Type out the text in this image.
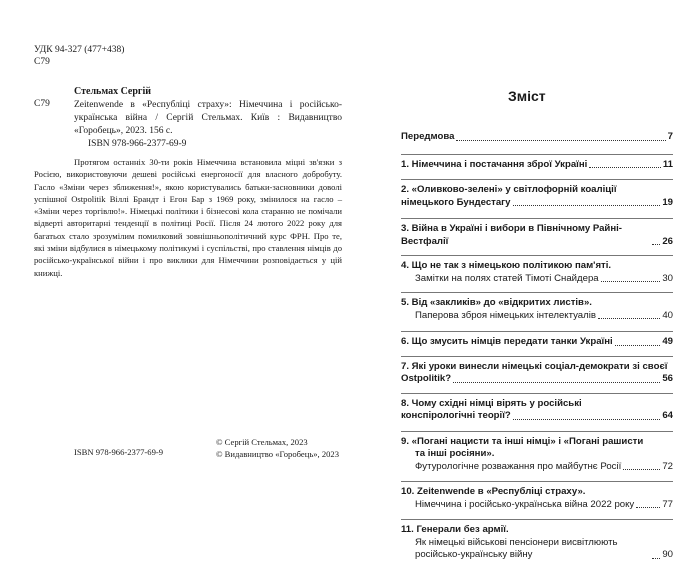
УДК 94-327 (477+438)
С79
Стельмах Сергій
С79	Zeitenwende в «Республіці страху»: Німеччина і російсько-українська війна / Сергій Стельмах. Київ : Видавництво «Горобець», 2023. 156 с.
ISBN 978-966-2377-69-9
Протягом останніх 30-ти років Німеччина встановила міцні зв'язки з Росією, використовуючи дешеві російські енергоносії для власного добробуту. Гасло «Зміни через зближення!», якою користувались батьки-засновники доволі успішної Ostpolitik Віллі Брандт і Егон Бар з 1969 року, змінилося на гасло – «Зміни через торгівлю!». Німецькі політики і бізнесові кола старанно не помічали відверті авторитарні тенденції в політиці Росії. Після 24 лютого 2022 року для багатьох стало зрозумілим помилковий зовнішньополітичний курс ФРН. Про те, які зміни відбулися в німецькому політикумі і суспільстві, про ставлення німців до російсько-української війни і про виклики для Німеччини розповідається у цій книжці.
© Сергій Стельмах, 2023
© Видавництво «Горобець», 2023
ISBN 978-966-2377-69-9
Зміст
Передмова	7
1. Німеччина і постачання зброї Україні	11
2. «Оливково-зелені» у світлофорній коаліції
німецького Бундестагу	19
3. Війна в Україні і вибори в Північному Райні-Вестфалії	26
4. Що не так з німецькою політикою пам'яті.
Замітки на полях статей Тімоті Снайдера	30
5. Від «закликів» до «відкритих листів».
Паперова зброя німецьких інтелектуалів	40
6. Що змусить німців передати танки Україні	49
7. Які уроки винесли німецькі соціал-демократи зі своєї
Ostpolitik?	56
8. Чому східні німці вірять у російські
конспірологічні теорії?	64
9. «Погані нацисти та інші німці» і «Погані рашисти
та інші росіяни».
Футурологічне розважання про майбутнє Росії	72
10. Zeitenwende в «Республіці страху».
Німеччина і російсько-українська війна 2022 року	77
11. Генерали без армії.
Як німецькі військові пенсіонери висвітлюють російсько-українську війну	90
